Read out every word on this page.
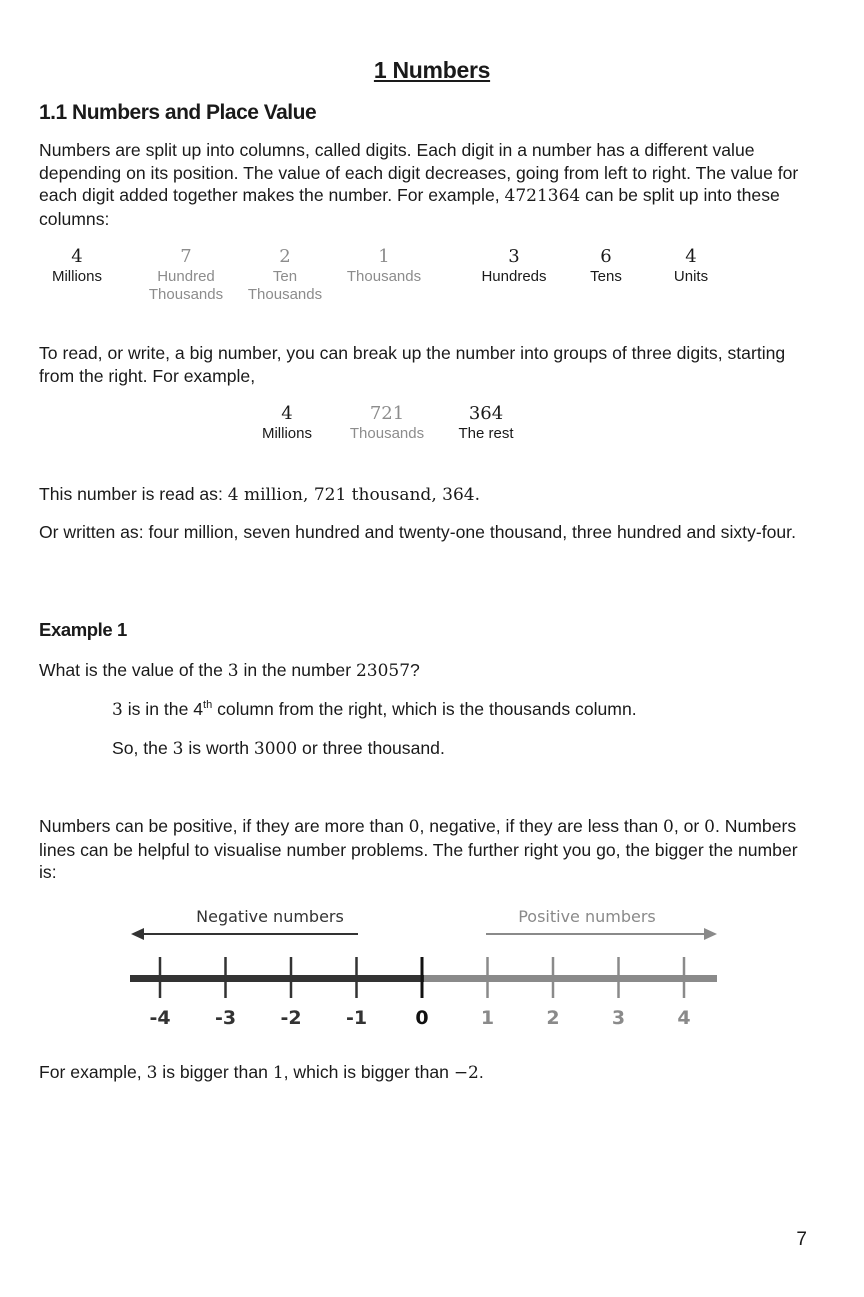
1 Numbers
1.1 Numbers and Place Value
Numbers are split up into columns, called digits. Each digit in a number has a different value depending on its position. The value of each digit decreases, going from left to right. The value for each digit added together makes the number. For example, 4721364 can be split up into these columns:
4
Millions
7
Hundred Thousands
2
Ten Thousands
1
Thousands
3
Hundreds
6
Tens
4
Units
To read, or write, a big number, you can break up the number into groups of three digits, starting from the right. For example,
4
Millions
721
Thousands
364
The rest
This number is read as: 4 million, 721 thousand, 364.
Or written as: four million, seven hundred and twenty-one thousand, three hundred and sixty-four.
Example 1
What is the value of the 3 in the number 23057?
3 is in the 4th column from the right, which is the thousands column.
So, the 3 is worth 3000 or three thousand.
Numbers can be positive, if they are more than 0, negative, if they are less than 0, or 0. Numbers lines can be helpful to visualise number problems. The further right you go, the bigger the number is:
Negative numbers	Positive numbers
-4 -3 -2 -1	0	1	2	3	4
For example, 3 is bigger than 1, which is bigger than −2.
7
